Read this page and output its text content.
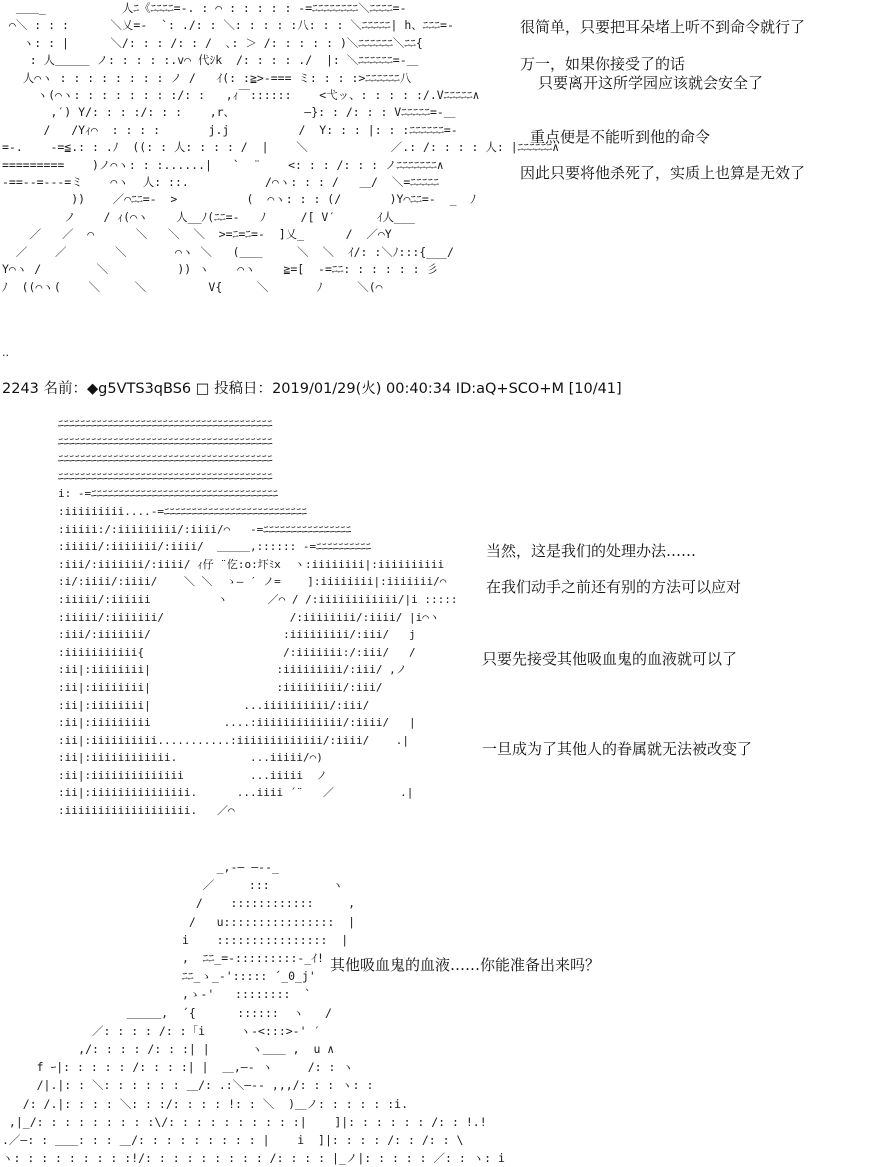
＿＿_           人ﾆ《ﾆﾆﾆﾆ=-. : ⌒ : : : : : -=ﾆﾆﾆﾆﾆﾆﾆﾆ＼ﾆﾆﾆﾆ=-
⌒＼ : : :      ＼乂=-  `: ./: : ＼: : : : :八: : : ＼ﾆﾆﾆﾆﾆ| h、ﾆﾆﾆ=-
ヽ: : |      ＼/: : : /: : /  ､: ＞ /: : : : : )＼ﾆﾆﾆﾆﾆﾆ＼ﾆﾆ{
: 人＿＿＿ ノ: : : : :.v⌒ 代ｼk  /: : : : ./  |: ＼ﾆﾆﾆﾆﾆﾆ=-＿
人⌒ヽ : : : : : : : : ノ /   ｲ(: :≧>-=== ミ: : : :>ﾆﾆﾆﾆﾆﾆ八
ヽ(⌒ヽ: : : : : : : :/: :   ,ｨ￣::::::    <弋ッ、: : : : :/.Vﾆﾆﾆﾆﾆ∧
,′) Y/: : : :/: : :    ,r、          ―}: : /: : : Vﾆﾆﾆﾆﾆ=-＿
/   /Yｨ⌒  : : : :       j.j          /  Y: : : |: : :ﾆﾆﾆﾆﾆﾆ=-
=-.    -=≦.: : .ﾉ  ((: : 人: : : : /  |    ＼            ／.: /: : : : 人: |ﾆﾆﾆﾆﾆﾆ∧
=========    )ノ⌒ヽ: : :......|   `  ¨    <: : : /: : : ノﾆﾆﾆﾆﾆﾆﾆ∧
-==--=---=ミ    ⌒ヽ  人: ::.           /⌒ヽ: : : /   ＿/  ＼=ﾆﾆﾆﾆﾆ
))    ／⌒ﾆﾆ=-  >          (  ⌒ヽ: : : (/       )Y⌒ﾆﾆ=-  _  ﾉ
ノ    / ｨ(⌒ヽ    人__ﾉ(ﾆﾆ=-   ﾉ     /[ V′      ｲ人___
／   ／  ⌒      ＼   ＼  ＼  >=ﾆ=ﾆ=-  ]乂_      /  ／⌒Y
／    ／       ＼       ⌒ヽ ＼   (＿＿     ＼  ＼  ｲ/: :＼ﾉ:::{___/
Y⌒ヽ /        ＼          )) ヽ    ⌒ヽ    ≧=[  -=ﾆﾆ: : : : : : 彡
ﾉ  ((⌒ヽ(    ＼     ＼         V{     ＼       ﾉ     ＼(⌒
很简单，只要把耳朵堵上听不到命令就行了
万一，如果你接受了的话
只要离开这所学园应该就会安全了
重点便是不能听到他的命令
因此只要将他杀死了，实质上也算是无效了
..
2243 名前：◆g5VTS3qBS6 □ 投稿日：2019/01/29(火) 00:40:34 ID:aQ+SCO+M [10/41]
ﾆﾆﾆﾆﾆﾆﾆﾆﾆﾆﾆﾆﾆﾆﾆﾆﾆﾆﾆﾆﾆﾆﾆﾆﾆﾆﾆﾆﾆﾆﾆﾆﾆﾆﾆﾆﾆﾆﾆ
ﾆﾆﾆﾆﾆﾆﾆﾆﾆﾆﾆﾆﾆﾆﾆﾆﾆﾆﾆﾆﾆﾆﾆﾆﾆﾆﾆﾆﾆﾆﾆﾆﾆﾆﾆﾆﾆﾆﾆ
ﾆﾆﾆﾆﾆﾆﾆﾆﾆﾆﾆﾆﾆﾆﾆﾆﾆﾆﾆﾆﾆﾆﾆﾆﾆﾆﾆﾆﾆﾆﾆﾆﾆﾆﾆﾆﾆﾆﾆ
ﾆﾆﾆﾆﾆﾆﾆﾆﾆﾆﾆﾆﾆﾆﾆﾆﾆﾆﾆﾆﾆﾆﾆﾆﾆﾆﾆﾆﾆﾆﾆﾆﾆﾆﾆﾆﾆﾆﾆ
i: -=ﾆﾆﾆﾆﾆﾆﾆﾆﾆﾆﾆﾆﾆﾆﾆﾆﾆﾆﾆﾆﾆﾆﾆﾆﾆﾆﾆﾆﾆﾆﾆﾆﾆﾆ
:iiiiiiiii....-=ﾆﾆﾆﾆﾆﾆﾆﾆﾆﾆﾆﾆﾆﾆﾆﾆﾆﾆﾆﾆﾆﾆﾆﾆﾆﾆ
:iiiii:/:iiiiiiiii/:iiii/⌒   -=ﾆﾆﾆﾆﾆﾆﾆﾆﾆﾆﾆﾆﾆﾆﾆﾆ
:iiiii/:iiiiiii/:iiii/  ＿＿＿,:::::: -=ﾆﾆﾆﾆﾆﾆﾆﾆﾆﾆ
:iii/:iiiiiii/:iiii/ ｨ仔 ¨仡:o:圷ﾐx  ヽ:iiiiiiii|:iiiiiiiiii
:i/:iiii/:iiii/    ＼ ＼  ゝ― ′ ノ=    ]:iiiiiiii|:iiiiiii/⌒
:iiiii/:iiiiii          ヽ      ／⌒ / /:iiiiiiiiiiii/|i :::::
:iiiii/:iiiiiii/                   /:iiiiiiii/:iiii/ |i⌒ヽ
:iii/:iiiiiii/                    :iiiiiiiii/:iii/   j
:iiiiiiiiiii{                     /:iiiiiii:/:iii/   /
:ii|:iiiiiiii|                   :iiiiiiiii/:iii/ ,ノ
:ii|:iiiiiiii|                   :iiiiiiiii/:iii/
:ii|:iiiiiiii|              ...iiiiiiiiii/:iii/
:ii|:iiiiiiiii           ....:iiiiiiiiiiiii/:iiii/   |
:ii|:iiiiiiiiii...........:iiiiiiiiiiiii/:iiii/    .|
:ii|:iiiiiiiiiiii.           ...iiiii/⌒)
:ii|:iiiiiiiiiiiiii          ...iiiii  ノ
:ii|:iiiiiiiiiiiiiii.      ...iiii ´¨   ／          .|
:iiiiiiiiiiiiiiiiiii.   ／⌒
当然，这是我们的处理办法……
在我们动手之前还有别的方法可以应对
只要先接受其他吸血鬼的血液就可以了
一旦成为了其他人的眷属就无法被改变了
_,-― ―‐-_
／     :::         ヽ
/    ::::::::::::     ,
/   u::::::::::::::::  |
i    ::::::::::::::::  |
,  ﾆﾆ_=-:::::::::-_ｲ!
ﾆﾆ_ゝ_‐'::::: ´_0_j'
,ゝ-'   ::::::::  `
＿＿＿,  ´{      ::::::  ヽ   /
／: : : : /: :「i     ヽ-<:::>-' ′
,/: : : : /: : :| |      ヽ＿＿ ,  u ∧
f ｰ|: : : : : /: : : :| |  ＿,―- ヽ     /: : ヽ
/|.|: : ＼: : : : : : ＿/: .:＼―-- ,,,/: : : ヽ: :
/: /.|: : : : ＼: : :/: : : : !: : ＼  )＿ノ: : : : : :i.
,|_/: : : : : : : : :\/: : : : : : : : : :|    ]|: : : : : : /: : !.!
.／―: : ＿＿: : : ＿/: : : : : : : : : |    i  ]|: : : : /: : /: : \
ヽ: : : : : : : : :!/: : : : : : : : : /: : : : |_ノ|: : : : : ／: : ヽ: i
其他吸血鬼的血液……你能准备出来吗？
